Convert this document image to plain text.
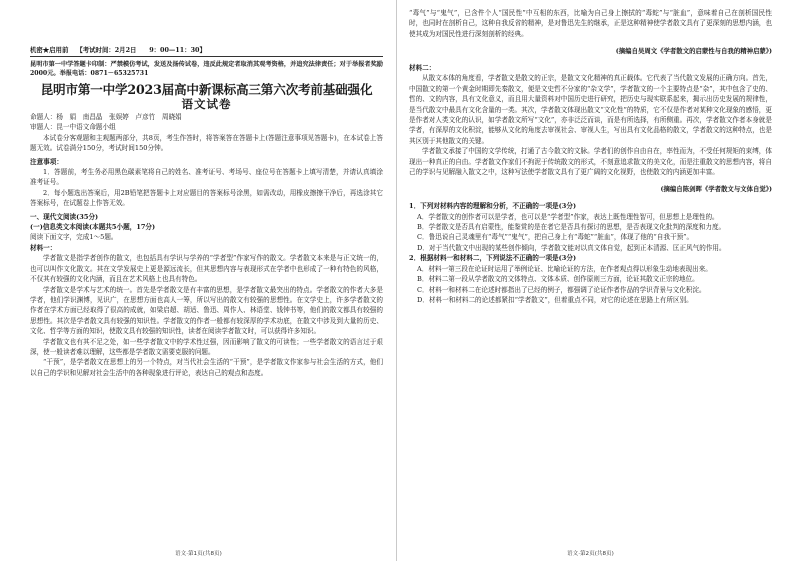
机密★启用前 【考试时间：2月2日　　9：00—11：30】

昆明市第一中学答题卡印制：严禁模仿考试，发送及扬传试卷，违反此规定者取消其观考资格，并追究法律责任；对于举报者奖励2000元。举报电话：0871－65325731

昆明市第一中学2023届高中新课标高三第六次考前基础强化
语文试卷

命题人：杨　娟　南昌晶　张娱婷　卢彦竹　周晓娟

审题人：昆一中语文命题小组

本试卷分客观题和主观题两部分，共8页，考生作答时，将答案答在答题卡上(答题注意事项见答题卡)，在本试卷上答题无效。试卷满分150分，考试时间150分钟。

注意事项：

1．答题前，考生务必用黑色碳素笔将自己的姓名、准考证号、考场号、座位号在答题卡上填写清楚，并请认真填涂准考证号。

2．每小题选出答案后，用2B铅笔把答题卡上对应题目的答案标号涂黑，如需改动，用橡皮擦擦干净后，再选涂其它答案标号，在试题卷上作答无效。

一、现代文阅读(35分)

(一)信息类文本阅读(本题共5小题，17分)

阅读下面文字，完成1～5题。

材料一：

学者散文是指学者创作的散文，也包括具有学识与学养的“学者型”作家写作的散文。学者散文本来是与正文统一的，也可以叫作文化散文。其在文学发展史上更是源远流长，但其思想内容与表现形式在学者中也形成了一种有特色的风格，不仅其有较强的文化内涵，而且在艺术风格上也具有特色。

学者散文是学术与艺术的统一。首先是学者散文是有丰富的思想，是学者散文最突出的特点。学者散文的作者大多是学者，他们学识渊博，见识广，在思想方面也高人一筹，所以写出的散文有较强的思想性。在文学史上，许多学者散文的作者在学术方面已经取得了很高的成就，如梁启超、胡适、鲁迅、周作人、林语堂、钱钟书等，他们的散文都具有较强的思想性。其次是学者散文具有较强的知识性。学者散文的作者一般都有较深厚的学术功底，在散文中涉及到大量的历史、文化、哲学等方面的知识，使散文具有较强的知识性，读者在阅读学者散文时，可以获得许多知识。

学者散文也有其不足之处，如一些学者散文中的学术性过强，因而影响了散文的可读性；一些学者散文的语言过于艰深，使一般读者难以理解，这些都是学者散文需要克服的问题。

“干预”，是学者散文在思想上的另一个特点，对当代社会生活的“干预”，是学者散文作家参与社会生活的方式，他们以自己的学识和见解对社会生活中的各种现象进行评论，表达自己的观点和态度。

语文·第1页(共8页)

“毒气”与“鬼气”，已含件个人“国民性”中互相的东西，比喻为自己身上擦拭的“毒蛇”与“脏血”，意味着自己在剖析国民性时，也同时在剖析自己，这种自我反省的精神，是对鲁迅先生的继承，正是这种精神使学者散文具有了更深刻的思想内涵，也使其成为对国民性进行深刻剖析的经典。

(摘编自吴周文《学者散文的启蒙性与自我的精神启蒙》)

材料二：

从散文本体的角度看，学者散文是散文的正宗，是散文文化精神的真正载体。它代表了当代散文发展的正确方向。首先，中国散文的第一个黄金时期即先秦散文，便是文史哲不分家的“杂文学”，学者散文的一个主要特点是“杂”，其中包含了史的、哲的、文的内容，具有文化意义，而且用大量资料对中国历史进行研究，把历史与现实联系起来，揭示出历史发展的规律性，是当代散文中最具有文化含量的一类。其次，学者散文体现出散文“文化性”的特质，它不仅是作者对某种文化现象的感悟，更是作者对人类文化的认识，如学者散文所写“文化”，亦非泛泛而谈，而是有所选择，有所侧重。再次，学者散文作者本身就是学者，有深厚的文化积淀，能够从文化的角度去审视社会、审视人生，写出具有文化品格的散文，学者散文的这种特点，也是其区别于其他散文的关键。

学者散文承接了中国的文学传统，打通了古今散文的文脉。学者们的创作自由自在，率性而为，不受任何规矩的束缚，体现出一种真正的自由。学者散文作家们不拘泥于传统散文的形式，不刻意追求散文的美文化，而是注重散文的思想内容，将自己的学识与见解融入散文之中，这种写法使学者散文具有了更广阔的文化视野，也使散文的内涵更加丰富。

(摘编自陈剑晖《学者散文与文体自觉》)

1．下列对材料内容的理解和分析，不正确的一项是(3分)

A．学者散文的创作者可以是学者，也可以是“学者型”作家，表达上既性理性智可，但思想上是理性的。

B．学者散文是否具有启蒙性，能鉴赏的是在者它是否具有探讨的思想，是否表现文化批判的深度和力度。

C．鲁迅说自己灵魂里有“毒气”“鬼气”，把自己身上有“毒蛇”“脏血”，体现了他的“自我干预”。

D．对于当代散文中出现的某些创作倾向，学者散文能对以真文体自觉，起到正本清源、匡正风气的作用。

2．根据材料一和材料二，下列说法不正确的一项是(3分)

A．材料一第三段在论证时运用了举例论证、比喻论证的方法，在作者观点得以形象生动地表现出来。

B．材料二第一段从学者散文的文体特点、文体本质、创作原则三方面，论证其散文正宗的地位。

C．材料一和材料二在论述时都指出了已经的例子，都强调了论证作者作品的学识背景与文化积淀。

D．材料一和材料二的论述都紧扣“学者散文”，但着重点不同，对它的论述在思路上有所区别。

语文·第2页(共8页)
